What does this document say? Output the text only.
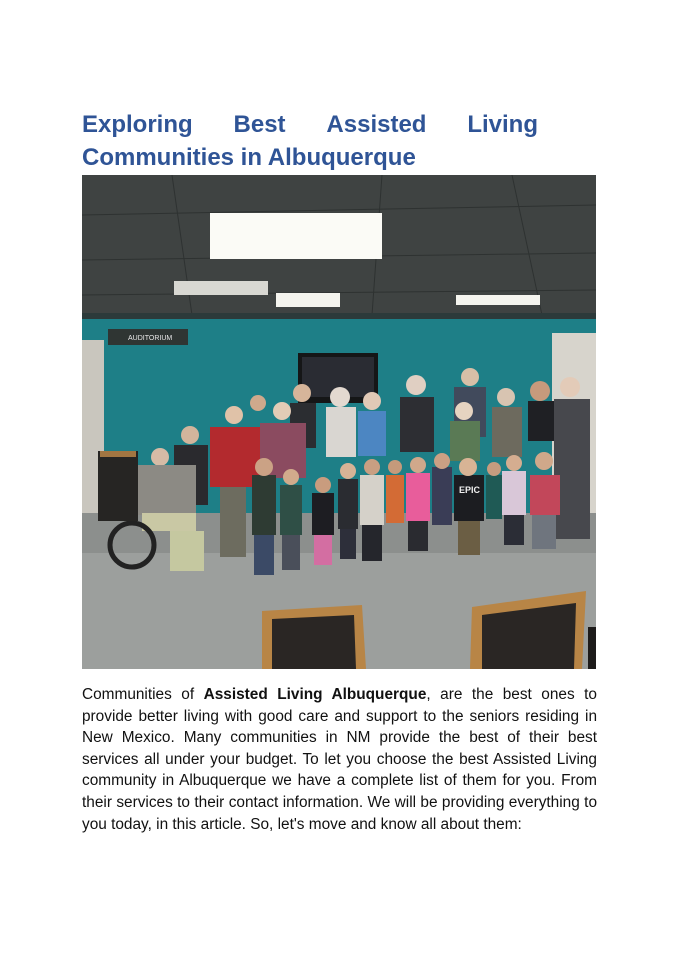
Exploring Best Assisted Living
Communities in Albuquerque
AUDITORIUM
EPIC

Communities of Assisted Living Albuquerque, are the best ones to provide better living with good care and support to the seniors residing in New Mexico. Many communities in NM provide the best of their best services all under your budget. To let you choose the best Assisted Living community in Albuquerque we have a complete list of them for you. From their services to their contact information. We will be providing everything to you today, in this article. So, let's move and know all about them:
